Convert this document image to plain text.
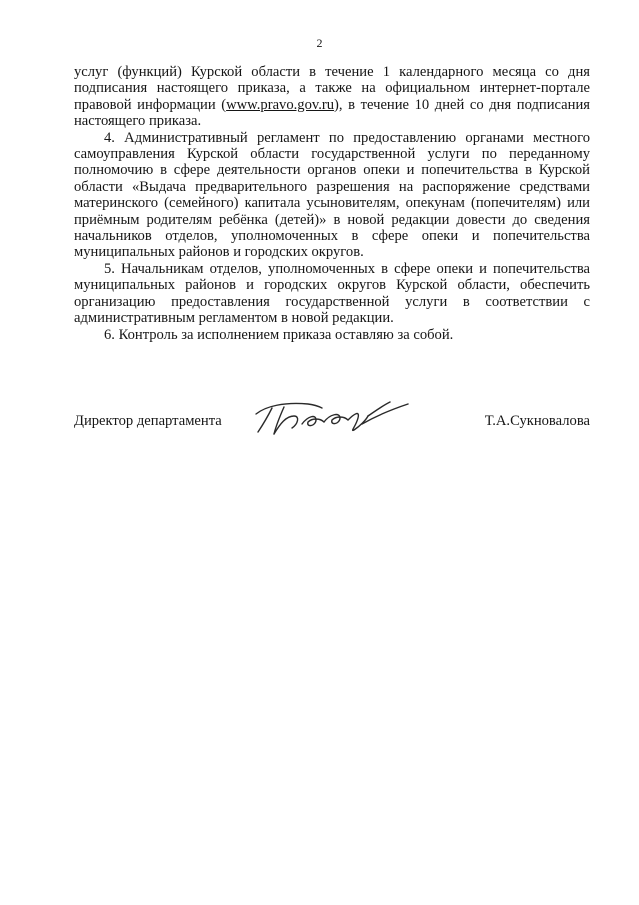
2

услуг (функций) Курской области в течение 1 календарного месяца со дня подписания настоящего приказа, а также на официальном интернет-портале правовой информации (www.pravo.gov.ru), в течение 10 дней со дня подписания настоящего приказа.

4. Административный регламент по предоставлению органами местного самоуправления Курской области государственной услуги по переданному полномочию в сфере деятельности органов опеки и попечительства в Курской области «Выдача предварительного разрешения на распоряжение средствами материнского (семейного) капитала усыновителям, опекунам (попечителям) или приёмным родителям ребёнка (детей)» в новой редакции довести до сведения начальников отделов, уполномоченных в сфере опеки и попечительства муниципальных районов и городских округов.

5. Начальникам отделов, уполномоченных в сфере опеки и попечительства муниципальных районов и городских округов Курской области, обеспечить организацию предоставления государственной услуги в соответствии с административным регламентом в новой редакции.

6. Контроль за исполнением приказа оставляю за собой.

Директор департамента	Т.А.Сукновалова
